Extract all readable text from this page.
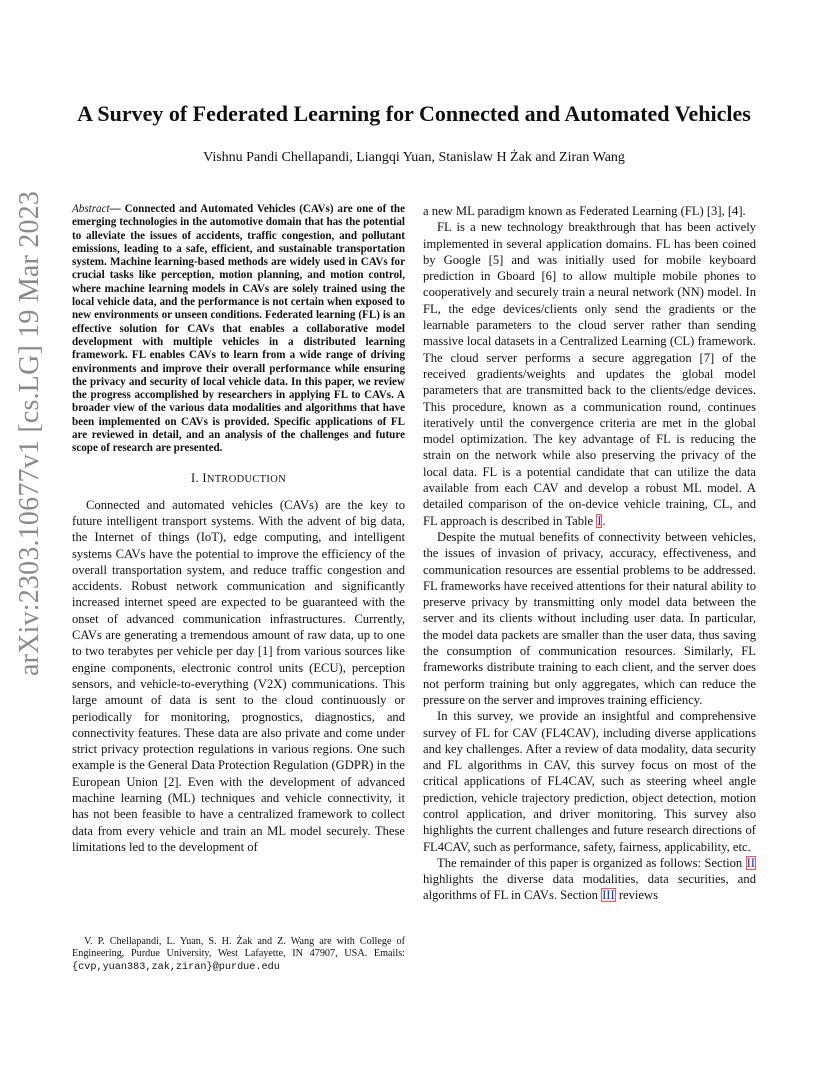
arXiv:2303.10677v1 [cs.LG] 19 Mar 2023
A Survey of Federated Learning for Connected and Automated Vehicles
Vishnu Pandi Chellapandi, Liangqi Yuan, Stanislaw H Żak and Ziran Wang

Abstract— Connected and Automated Vehicles (CAVs) are one of the emerging technologies in the automotive domain that has the potential to alleviate the issues of accidents, traffic congestion, and pollutant emissions, leading to a safe, efficient, and sustainable transportation system. Machine learning-based methods are widely used in CAVs for crucial tasks like perception, motion planning, and motion control, where machine learning models in CAVs are solely trained using the local vehicle data, and the performance is not certain when exposed to new environments or unseen conditions. Federated learning (FL) is an effective solution for CAVs that enables a collaborative model development with multiple vehicles in a distributed learning framework. FL enables CAVs to learn from a wide range of driving environments and improve their overall performance while ensuring the privacy and security of local vehicle data. In this paper, we review the progress accomplished by researchers in applying FL to CAVs. A broader view of the various data modalities and algorithms that have been implemented on CAVs is provided. Specific applications of FL are reviewed in detail, and an analysis of the challenges and future scope of research are presented.

I. INTRODUCTION

Connected and automated vehicles (CAVs) are the key to future intelligent transport systems. With the advent of big data, the Internet of things (IoT), edge computing, and intelligent systems CAVs have the potential to improve the efficiency of the overall transportation system, and reduce traffic congestion and accidents. Robust network communication and significantly increased internet speed are expected to be guaranteed with the onset of advanced communication infrastructures. Currently, CAVs are generating a tremendous amount of raw data, up to one to two terabytes per vehicle per day [1] from various sources like engine components, electronic control units (ECU), perception sensors, and vehicle-to-everything (V2X) communications. This large amount of data is sent to the cloud continuously or periodically for monitoring, prognostics, diagnostics, and connectivity features. These data are also private and come under strict privacy protection regulations in various regions. One such example is the General Data Protection Regulation (GDPR) in the European Union [2]. Even with the development of advanced machine learning (ML) techniques and vehicle connectivity, it has not been feasible to have a centralized framework to collect data from every vehicle and train an ML model securely. These limitations led to the development of

a new ML paradigm known as Federated Learning (FL) [3], [4].

FL is a new technology breakthrough that has been actively implemented in several application domains. FL has been coined by Google [5] and was initially used for mobile keyboard prediction in Gboard [6] to allow multiple mobile phones to cooperatively and securely train a neural network (NN) model. In FL, the edge devices/clients only send the gradients or the learnable parameters to the cloud server rather than sending massive local datasets in a Centralized Learning (CL) framework. The cloud server performs a secure aggregation [7] of the received gradients/weights and updates the global model parameters that are transmitted back to the clients/edge devices. This procedure, known as a communication round, continues iteratively until the convergence criteria are met in the global model optimization. The key advantage of FL is reducing the strain on the network while also preserving the privacy of the local data. FL is a potential candidate that can utilize the data available from each CAV and develop a robust ML model. A detailed comparison of the on-device vehicle training, CL, and FL approach is described in Table I.

Despite the mutual benefits of connectivity between vehicles, the issues of invasion of privacy, accuracy, effectiveness, and communication resources are essential problems to be addressed. FL frameworks have received attentions for their natural ability to preserve privacy by transmitting only model data between the server and its clients without including user data. In particular, the model data packets are smaller than the user data, thus saving the consumption of communication resources. Similarly, FL frameworks distribute training to each client, and the server does not perform training but only aggregates, which can reduce the pressure on the server and improves training efficiency.

In this survey, we provide an insightful and comprehensive survey of FL for CAV (FL4CAV), including diverse applications and key challenges. After a review of data modality, data security and FL algorithms in CAV, this survey focus on most of the critical applications of FL4CAV, such as steering wheel angle prediction, vehicle trajectory prediction, object detection, motion control application, and driver monitoring. This survey also highlights the current challenges and future research directions of FL4CAV, such as performance, safety, fairness, applicability, etc.

The remainder of this paper is organized as follows: Section II highlights the diverse data modalities, data securities, and algorithms of FL in CAVs. Section III reviews

V. P. Chellapandi, L. Yuan, S. H. Żak and Z. Wang are with College of Engineering, Purdue University, West Lafayette, IN 47907, USA. Emails: {cvp,yuan383,zak,ziran}@purdue.edu
